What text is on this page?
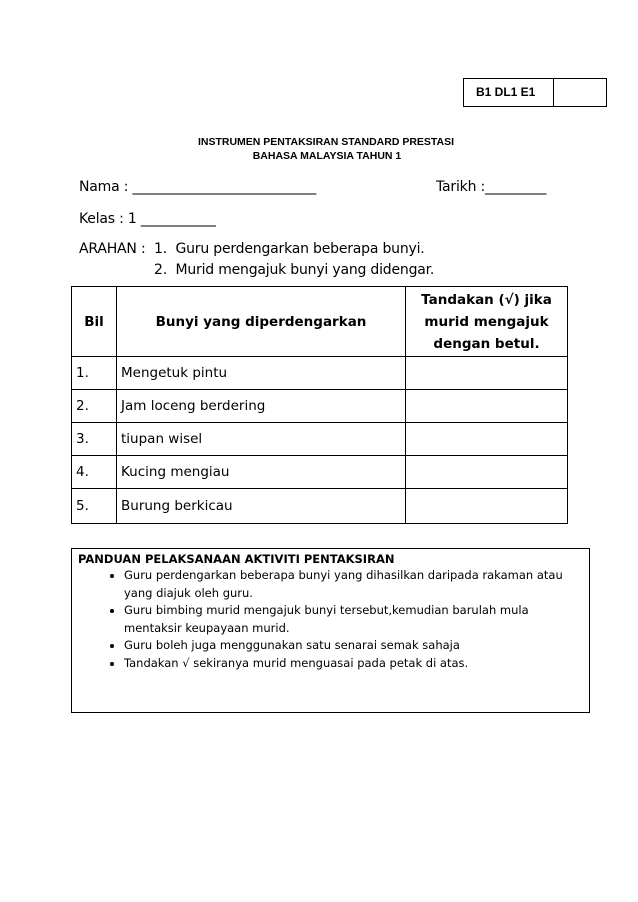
B1 DL1 E1
INSTRUMEN PENTAKSIRAN STANDARD PRESTASI
BAHASA MALAYSIA TAHUN 1
Nama : ___________________________	Tarikh :_________
Kelas : 1 ___________
ARAHAN : 1.  Guru perdengarkan beberapa bunyi.
2.  Murid mengajuk bunyi yang didengar.
Bil	Bunyi yang diperdengarkan	Tandakan (√) jika murid mengajuk dengan betul.
1.	Mengetuk pintu	
2.	Jam loceng berdering	
3.	tiupan wisel	
4.	Kucing mengiau	
5.	Burung berkicau	
PANDUAN PELAKSANAAN AKTIVITI PENTAKSIRAN
• Guru perdengarkan beberapa bunyi yang dihasilkan daripada rakaman atau yang diajuk oleh guru.
• Guru bimbing murid mengajuk bunyi tersebut,kemudian barulah mula mentaksir keupayaan murid.
• Guru boleh juga menggunakan satu senarai semak sahaja
• Tandakan √ sekiranya murid menguasai pada petak di atas.
